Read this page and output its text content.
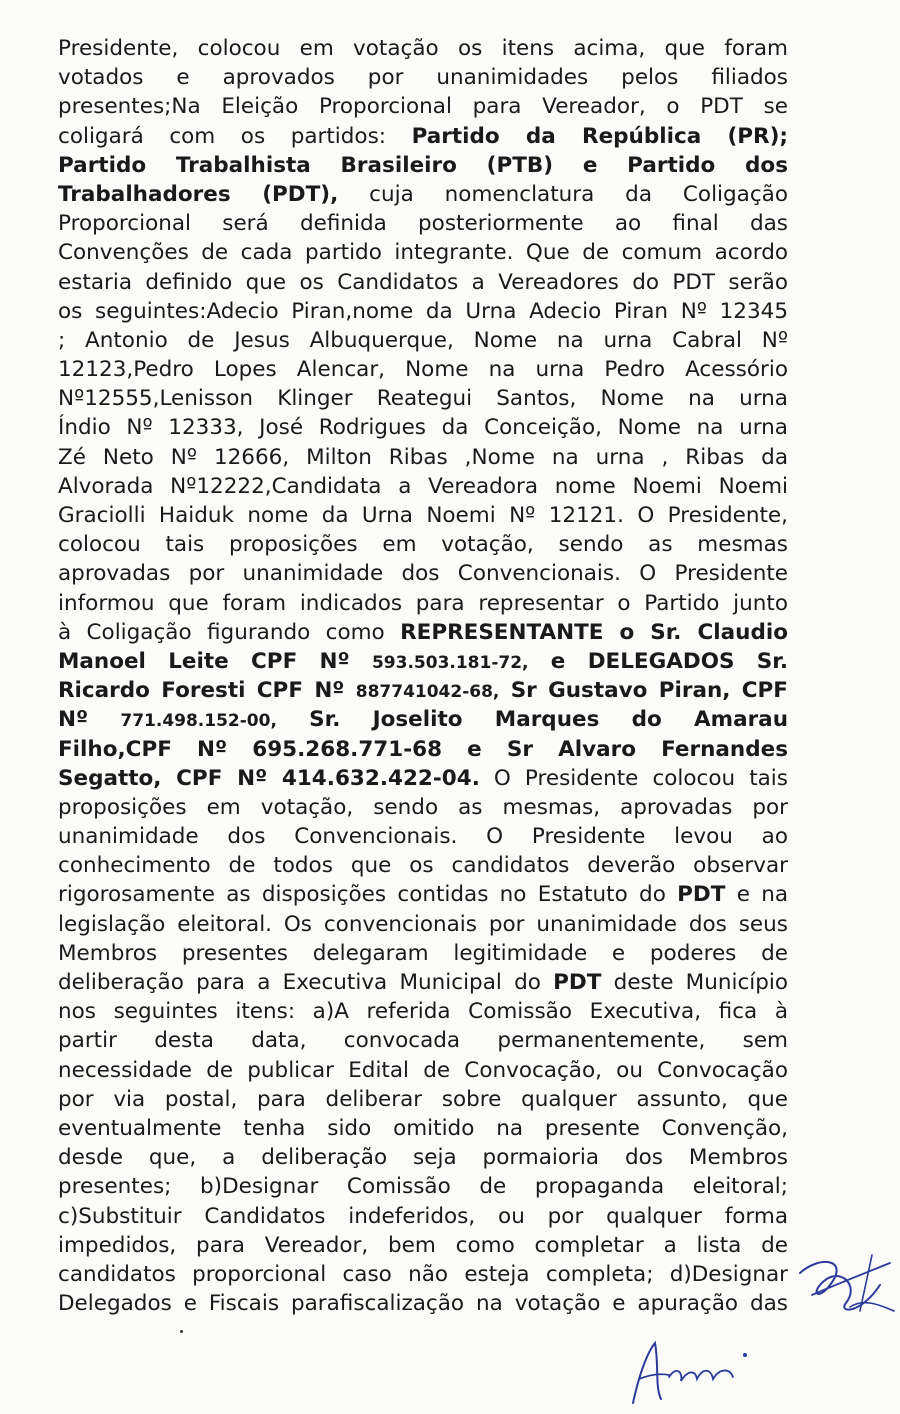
Presidente, colocou em votação os itens acima, que foram
votados e aprovados por unanimidades pelos filiados
presentes;Na Eleição Proporcional para Vereador, o PDT se
coligará com os partidos: Partido da República (PR);
Partido Trabalhista Brasileiro (PTB) e Partido dos
Trabalhadores (PDT), cuja nomenclatura da Coligação
Proporcional será definida posteriormente ao final das
Convenções de cada partido integrante. Que de comum acordo
estaria definido que os Candidatos a Vereadores do PDT serão
os seguintes:Adecio Piran,nome da Urna Adecio Piran Nº 12345
; Antonio de Jesus Albuquerque, Nome na urna Cabral Nº
12123,Pedro Lopes Alencar, Nome na urna Pedro Acessório
Nº12555,Lenisson Klinger Reategui Santos, Nome na urna
Índio Nº 12333, José Rodrigues da Conceição, Nome na urna
Zé Neto Nº 12666, Milton Ribas ,Nome na urna , Ribas da
Alvorada Nº12222,Candidata a Vereadora nome Noemi Noemi
Graciolli Haiduk nome da Urna Noemi Nº 12121. O Presidente,
colocou tais proposições em votação, sendo as mesmas
aprovadas por unanimidade dos Convencionais. O Presidente
informou que foram indicados para representar o Partido junto
à Coligação figurando como REPRESENTANTE o Sr. Claudio
Manoel Leite CPF Nº 593.503.181-72, e DELEGADOS Sr.
Ricardo Foresti CPF Nº 887741042-68, Sr Gustavo Piran, CPF
Nº 771.498.152-00, Sr. Joselito Marques do Amarau
Filho,CPF Nº 695.268.771-68 e Sr Alvaro Fernandes
Segatto, CPF Nº 414.632.422-04. O Presidente colocou tais
proposições em votação, sendo as mesmas, aprovadas por
unanimidade dos Convencionais. O Presidente levou ao
conhecimento de todos que os candidatos deverão observar
rigorosamente as disposições contidas no Estatuto do PDT e na
legislação eleitoral. Os convencionais por unanimidade dos seus
Membros presentes delegaram legitimidade e poderes de
deliberação para a Executiva Municipal do PDT deste Município
nos seguintes itens: a)A referida Comissão Executiva, fica à
partir desta data, convocada permanentemente, sem
necessidade de publicar Edital de Convocação, ou Convocação
por via postal, para deliberar sobre qualquer assunto, que
eventualmente tenha sido omitido na presente Convenção,
desde que, a deliberação seja pormaioria dos Membros
presentes; b)Designar Comissão de propaganda eleitoral;
c)Substituir Candidatos indeferidos, ou por qualquer forma
impedidos, para Vereador, bem como completar a lista de
candidatos proporcional caso não esteja completa; d)Designar
Delegados e Fiscais parafiscalização na votação e apuração das
